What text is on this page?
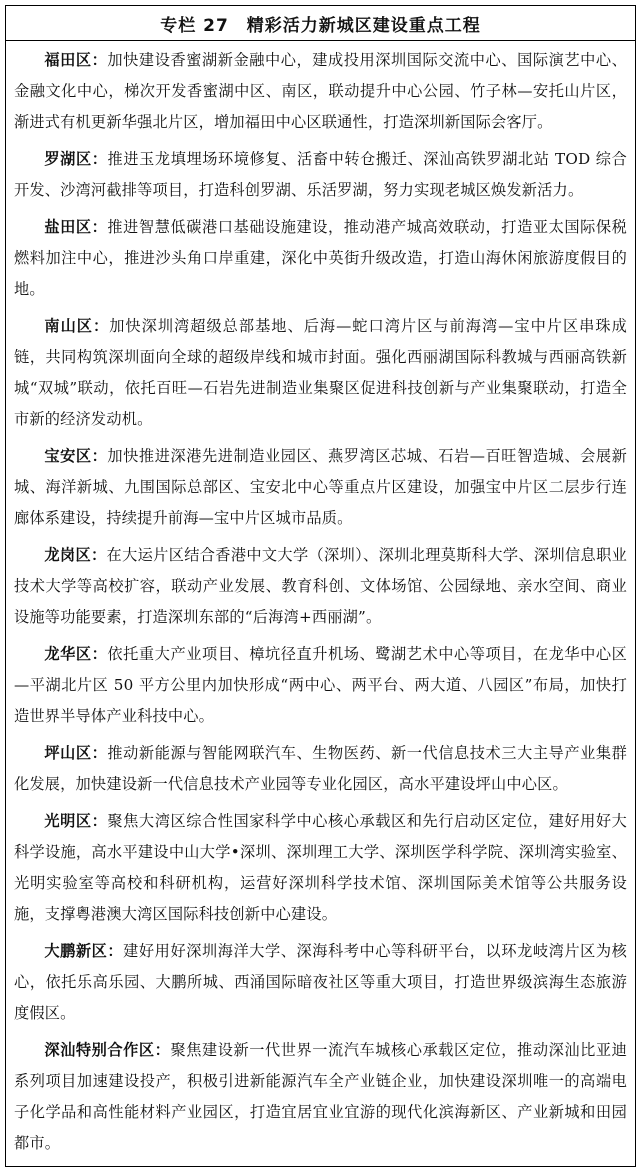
专栏 27　精彩活力新城区建设重点工程

福田区：加快建设香蜜湖新金融中心，建成投用深圳国际交流中心、国际演艺中心、金融文化中心，梯次开发香蜜湖中区、南区，联动提升中心公园、竹子林—安托山片区，渐进式有机更新华强北片区，增加福田中心区联通性，打造深圳新国际会客厅。

罗湖区：推进玉龙填埋场环境修复、活畜中转仓搬迁、深汕高铁罗湖北站 TOD 综合开发、沙湾河截排等项目，打造科创罗湖、乐活罗湖，努力实现老城区焕发新活力。

盐田区：推进智慧低碳港口基础设施建设，推动港产城高效联动，打造亚太国际保税燃料加注中心，推进沙头角口岸重建，深化中英街升级改造，打造山海休闲旅游度假目的地。

南山区：加快深圳湾超级总部基地、后海—蛇口湾片区与前海湾—宝中片区串珠成链，共同构筑深圳面向全球的超级岸线和城市封面。强化西丽湖国际科教城与西丽高铁新城“双城”联动，依托百旺—石岩先进制造业集聚区促进科技创新与产业集聚联动，打造全市新的经济发动机。

宝安区：加快推进深港先进制造业园区、燕罗湾区芯城、石岩—百旺智造城、会展新城、海洋新城、九围国际总部区、宝安北中心等重点片区建设，加强宝中片区二层步行连廊体系建设，持续提升前海—宝中片区城市品质。

龙岗区：在大运片区结合香港中文大学（深圳）、深圳北理莫斯科大学、深圳信息职业技术大学等高校扩容，联动产业发展、教育科创、文体场馆、公园绿地、亲水空间、商业设施等功能要素，打造深圳东部的“后海湾+西丽湖”。

龙华区：依托重大产业项目、樟坑径直升机场、鹭湖艺术中心等项目，在龙华中心区—平湖北片区 50 平方公里内加快形成“两中心、两平台、两大道、八园区”布局，加快打造世界半导体产业科技中心。

坪山区：推动新能源与智能网联汽车、生物医药、新一代信息技术三大主导产业集群化发展，加快建设新一代信息技术产业园等专业化园区，高水平建设坪山中心区。

光明区：聚焦大湾区综合性国家科学中心核心承载区和先行启动区定位，建好用好大科学设施，高水平建设中山大学•深圳、深圳理工大学、深圳医学科学院、深圳湾实验室、光明实验室等高校和科研机构，运营好深圳科学技术馆、深圳国际美术馆等公共服务设施，支撑粤港澳大湾区国际科技创新中心建设。

大鹏新区：建好用好深圳海洋大学、深海科考中心等科研平台，以环龙岐湾片区为核心，依托乐高乐园、大鹏所城、西涌国际暗夜社区等重大项目，打造世界级滨海生态旅游度假区。

深汕特别合作区：聚焦建设新一代世界一流汽车城核心承载区定位，推动深汕比亚迪系列项目加速建设投产，积极引进新能源汽车全产业链企业，加快建设深圳唯一的高端电子化学品和高性能材料产业园区，打造宜居宜业宜游的现代化滨海新区、产业新城和田园都市。
